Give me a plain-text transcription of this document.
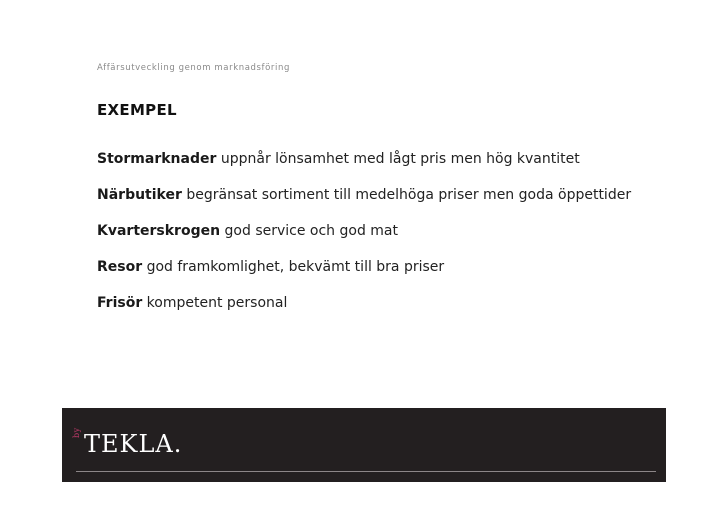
Affärsutveckling genom marknadsföring
EXEMPEL
Stormarknader uppnår lönsamhet med lågt pris men hög kvantitet
Närbutiker begränsat sortiment till medelhöga priser men goda öppettider
Kvarterskrogen god service och god mat
Resor god framkomlighet, bekvämt till bra priser
Frisör kompetent personal
by TEKLA.
